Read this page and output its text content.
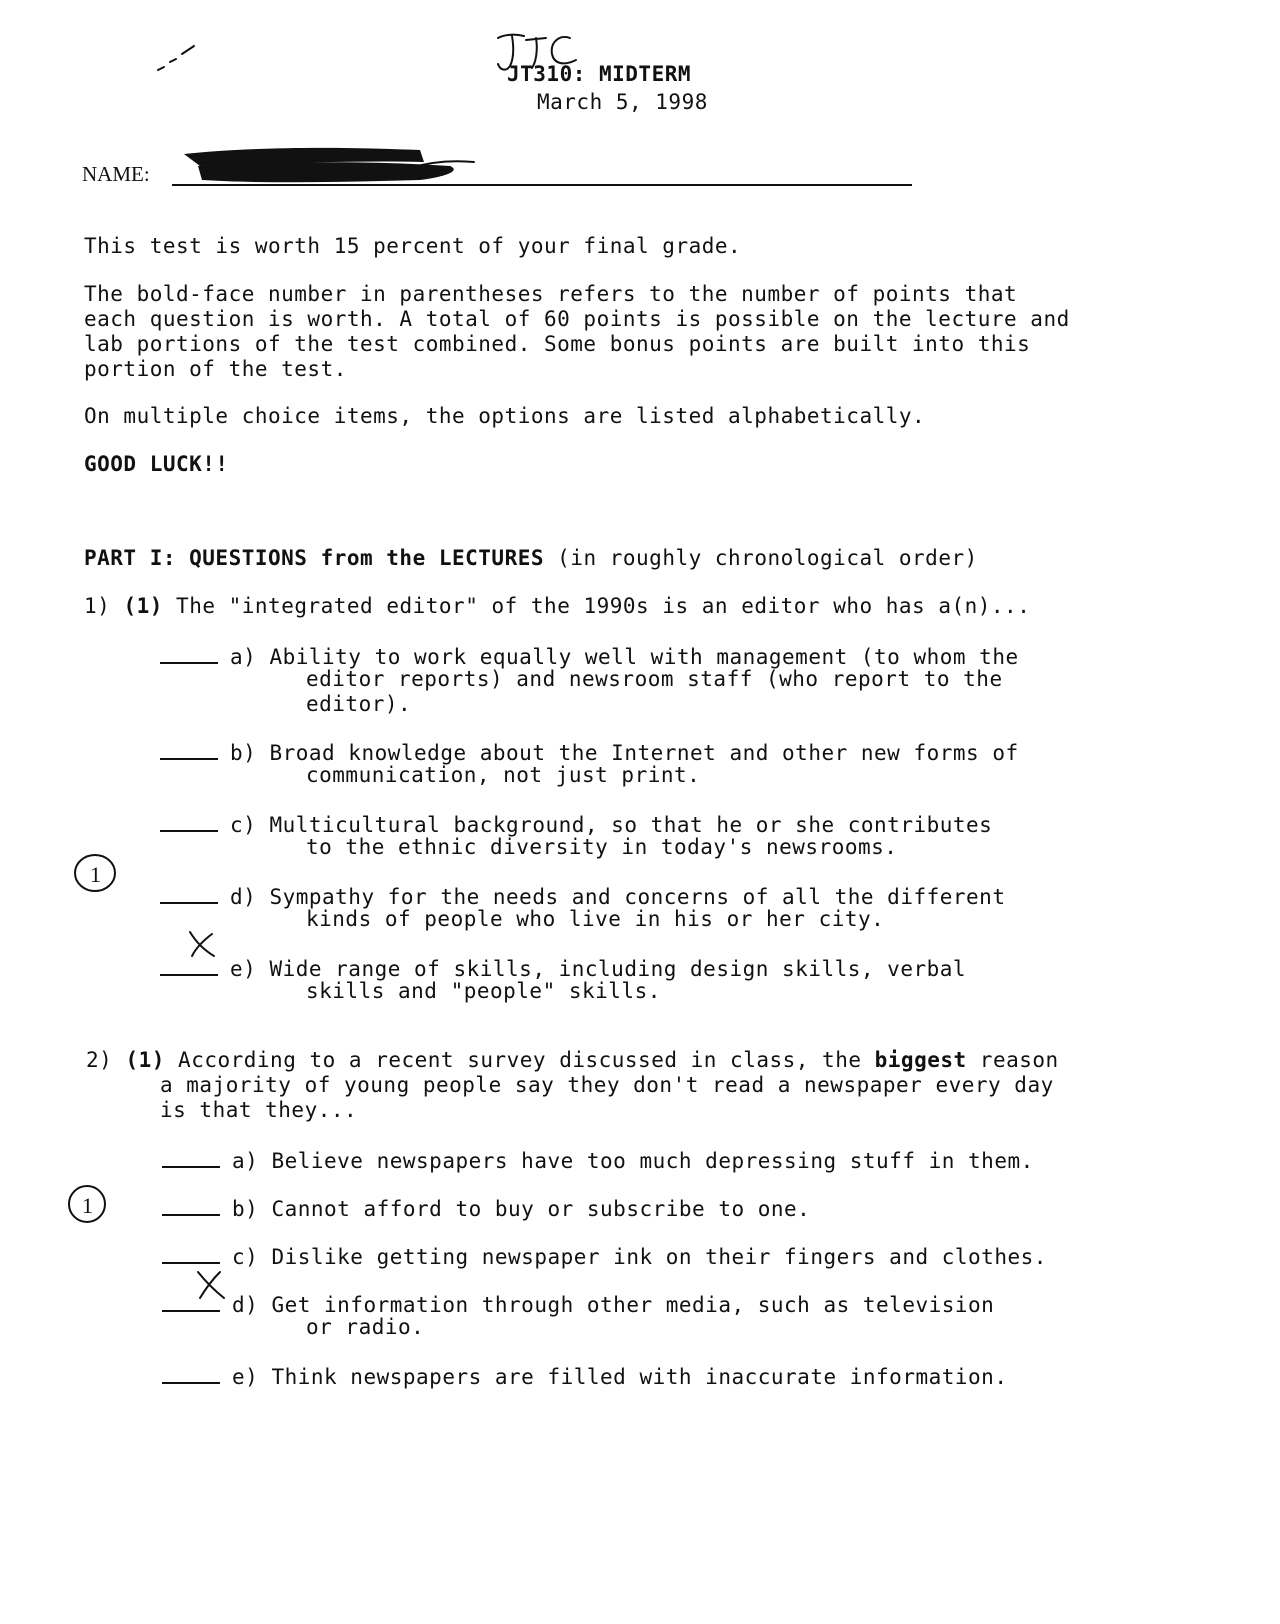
JT310: MIDTERM
March 5, 1998
NAME:
This test is worth 15 percent of your final grade.
The bold-face number in parentheses refers to the number of points that
each question is worth. A total of 60 points is possible on the lecture and
lab portions of the test combined. Some bonus points are built into this
portion of the test.
On multiple choice items, the options are listed alphabetically.
GOOD LUCK!!
PART I: QUESTIONS from the LECTURES (in roughly chronological order)
1) (1) The "integrated editor" of the 1990s is an editor who has a(n)...
a) Ability to work equally well with management (to whom the
editor reports) and newsroom staff (who report to the
editor).
b) Broad knowledge about the Internet and other new forms of
communication, not just print.
c) Multicultural background, so that he or she contributes
to the ethnic diversity in today's newsrooms.
1
d) Sympathy for the needs and concerns of all the different
kinds of people who live in his or her city.
e) Wide range of skills, including design skills, verbal
skills and "people" skills.
2) (1) According to a recent survey discussed in class, the biggest reason
a majority of young people say they don't read a newspaper every day
is that they...
a) Believe newspapers have too much depressing stuff in them.
1	b) Cannot afford to buy or subscribe to one.
c) Dislike getting newspaper ink on their fingers and clothes.
d) Get information through other media, such as television
or radio.
e) Think newspapers are filled with inaccurate information.
